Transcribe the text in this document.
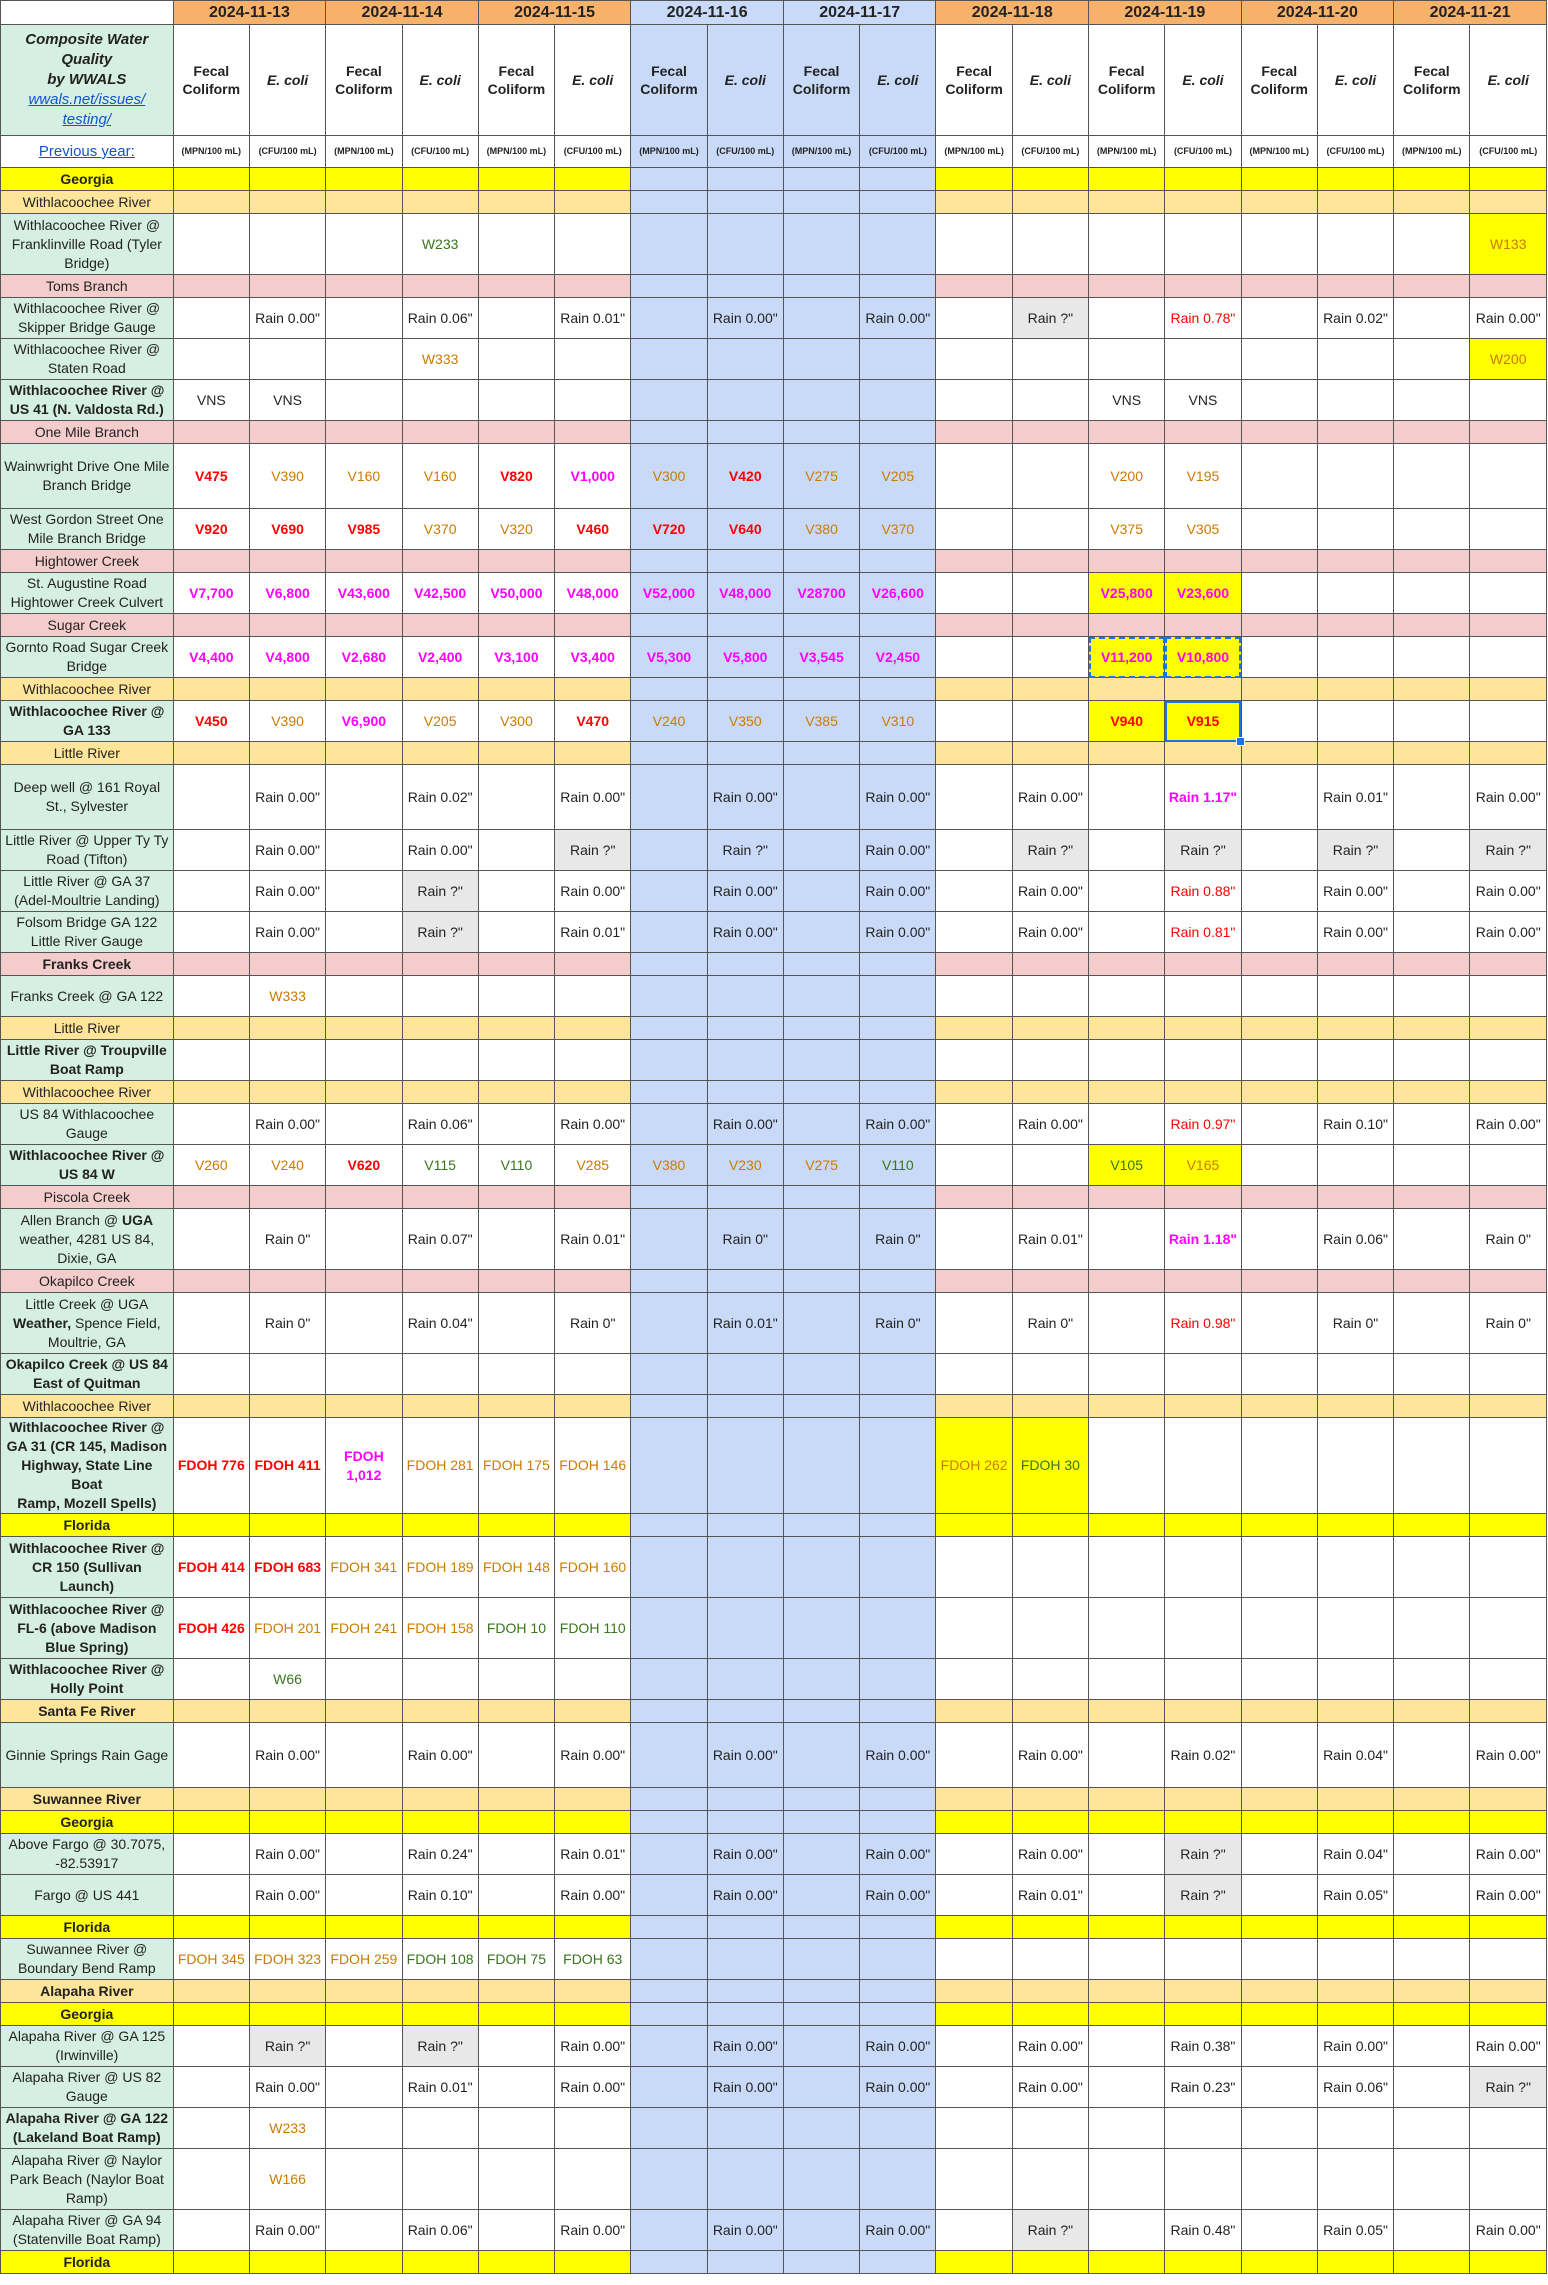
	2024-11-13		2024-11-14		2024-11-15		2024-11-16		2024-11-17		2024-11-18		2024-11-19		2024-11-20		2024-11-21	
Composite Water
Quality
by WWALS
wwals.net/issues/
testing/	Fecal
Coliform	E. coli	Fecal
Coliform	E. coli	Fecal
Coliform	E. coli	Fecal
Coliform	E. coli	Fecal
Coliform	E. coli	Fecal
Coliform	E. coli	Fecal
Coliform	E. coli	Fecal
Coliform	E. coli	Fecal
Coliform	E. coli
Previous year:	(MPN/100 mL)	(CFU/100 mL)	(MPN/100 mL)	(CFU/100 mL)	(MPN/100 mL)	(CFU/100 mL)	(MPN/100 mL)	(CFU/100 mL)	(MPN/100 mL)	(CFU/100 mL)	(MPN/100 mL)	(CFU/100 mL)	(MPN/100 mL)	(CFU/100 mL)	(MPN/100 mL)	(CFU/100 mL)	(MPN/100 mL)	(CFU/100 mL)
Georgia																		
Withlacoochee River																		
Withlacoochee River @
Franklinville Road (Tyler
Bridge)				W233														W133
Toms Branch																		
Withlacoochee River @
Skipper Bridge Gauge		Rain 0.00"		Rain 0.06"		Rain 0.01"		Rain 0.00"		Rain 0.00"		Rain ?"		Rain 0.78"		Rain 0.02"		Rain 0.00"
Withlacoochee River @
Staten Road				W333														W200
Withlacoochee River @
US 41 (N. Valdosta Rd.)	VNS	VNS											VNS	VNS				
One Mile Branch																		
Wainwright Drive One Mile
Branch Bridge	V475	V390	V160	V160	V820	V1,000	V300	V420	V275	V205			V200	V195				
West Gordon Street One
Mile Branch Bridge	V920	V690	V985	V370	V320	V460	V720	V640	V380	V370			V375	V305				
Hightower Creek																		
St. Augustine Road
Hightower Creek Culvert	V7,700	V6,800	V43,600	V42,500	V50,000	V48,000	V52,000	V48,000	V28700	V26,600			V25,800	V23,600				
Sugar Creek																		
Gornto Road Sugar Creek
Bridge	V4,400	V4,800	V2,680	V2,400	V3,100	V3,400	V5,300	V5,800	V3,545	V2,450			V11,200	V10,800				
Withlacoochee River																		
Withlacoochee River @
GA 133	V450	V390	V6,900	V205	V300	V470	V240	V350	V385	V310			V940	V915				
Little River																		
Deep well @ 161 Royal
St., Sylvester		Rain 0.00"		Rain 0.02"		Rain 0.00"		Rain 0.00"		Rain 0.00"		Rain 0.00"		Rain 1.17"		Rain 0.01"		Rain 0.00"
Little River @ Upper Ty Ty
Road (Tifton)		Rain 0.00"		Rain 0.00"		Rain ?"		Rain ?"		Rain 0.00"		Rain ?"		Rain ?"		Rain ?"		Rain ?"
Little River @ GA 37
(Adel-Moultrie Landing)		Rain 0.00"		Rain ?"		Rain 0.00"		Rain 0.00"		Rain 0.00"		Rain 0.00"		Rain 0.88"		Rain 0.00"		Rain 0.00"
Folsom Bridge GA 122
Little River Gauge		Rain 0.00"		Rain ?"		Rain 0.01"		Rain 0.00"		Rain 0.00"		Rain 0.00"		Rain 0.81"		Rain 0.00"		Rain 0.00"
Franks Creek																		
Franks Creek @ GA 122		W333																
Little River																		
Little River @ Troupville
Boat Ramp																		
Withlacoochee River																		
US 84 Withlacoochee
Gauge		Rain 0.00"		Rain 0.06"		Rain 0.00"		Rain 0.00"		Rain 0.00"		Rain 0.00"		Rain 0.97"		Rain 0.10"		Rain 0.00"
Withlacoochee River @
US 84 W	V260	V240	V620	V115	V110	V285	V380	V230	V275	V110			V105	V165				
Piscola Creek																		
Allen Branch @ UGA
weather, 4281 US 84,
Dixie, GA		Rain 0"		Rain 0.07"		Rain 0.01"		Rain 0"		Rain 0"		Rain 0.01"		Rain 1.18"		Rain 0.06"		Rain 0"
Okapilco Creek																		
Little Creek @ UGA
Weather, Spence Field,
Moultrie, GA		Rain 0"		Rain 0.04"		Rain 0"		Rain 0.01"		Rain 0"		Rain 0"		Rain 0.98"		Rain 0"		Rain 0"
Okapilco Creek @ US 84
East of Quitman																		
Withlacoochee River																		
Withlacoochee River @
GA 31 (CR 145, Madison
Highway, State Line Boat
Ramp, Mozell Spells)	FDOH 776	FDOH 411	FDOH 1,012	FDOH 281	FDOH 175	FDOH 146					FDOH 262	FDOH 30						
Florida																		
Withlacoochee River @
CR 150 (Sullivan
Launch)	FDOH 414	FDOH 683	FDOH 341	FDOH 189	FDOH 148	FDOH 160												
Withlacoochee River @
FL-6 (above Madison
Blue Spring)	FDOH 426	FDOH 201	FDOH 241	FDOH 158	FDOH 10	FDOH 110												
Withlacoochee River @
Holly Point		W66																
Santa Fe River																		
Ginnie Springs Rain Gage		Rain 0.00"		Rain 0.00"		Rain 0.00"		Rain 0.00"		Rain 0.00"		Rain 0.00"		Rain 0.02"		Rain 0.04"		Rain 0.00"
Suwannee River																		
Georgia																		
Above Fargo @ 30.7075,
-82.53917		Rain 0.00"		Rain 0.24"		Rain 0.01"		Rain 0.00"		Rain 0.00"		Rain 0.00"		Rain ?"		Rain 0.04"		Rain 0.00"
Fargo @ US 441		Rain 0.00"		Rain 0.10"		Rain 0.00"		Rain 0.00"		Rain 0.00"		Rain 0.01"		Rain ?"		Rain 0.05"		Rain 0.00"
Florida																		
Suwannee River @
Boundary Bend Ramp	FDOH 345	FDOH 323	FDOH 259	FDOH 108	FDOH 75	FDOH 63												
Alapaha River																		
Georgia																		
Alapaha River @ GA 125
(Irwinville)		Rain ?"		Rain ?"		Rain 0.00"		Rain 0.00"		Rain 0.00"		Rain 0.00"		Rain 0.38"		Rain 0.00"		Rain 0.00"
Alapaha River @ US 82
Gauge		Rain 0.00"		Rain 0.01"		Rain 0.00"		Rain 0.00"		Rain 0.00"		Rain 0.00"		Rain 0.23"		Rain 0.06"		Rain ?"
Alapaha River @ GA 122
(Lakeland Boat Ramp)		W233																
Alapaha River @ Naylor
Park Beach (Naylor Boat
Ramp)		W166																
Alapaha River @ GA 94
(Statenville Boat Ramp)		Rain 0.00"		Rain 0.06"		Rain 0.00"		Rain 0.00"		Rain 0.00"		Rain ?"		Rain 0.48"		Rain 0.05"		Rain 0.00"
Florida																		
